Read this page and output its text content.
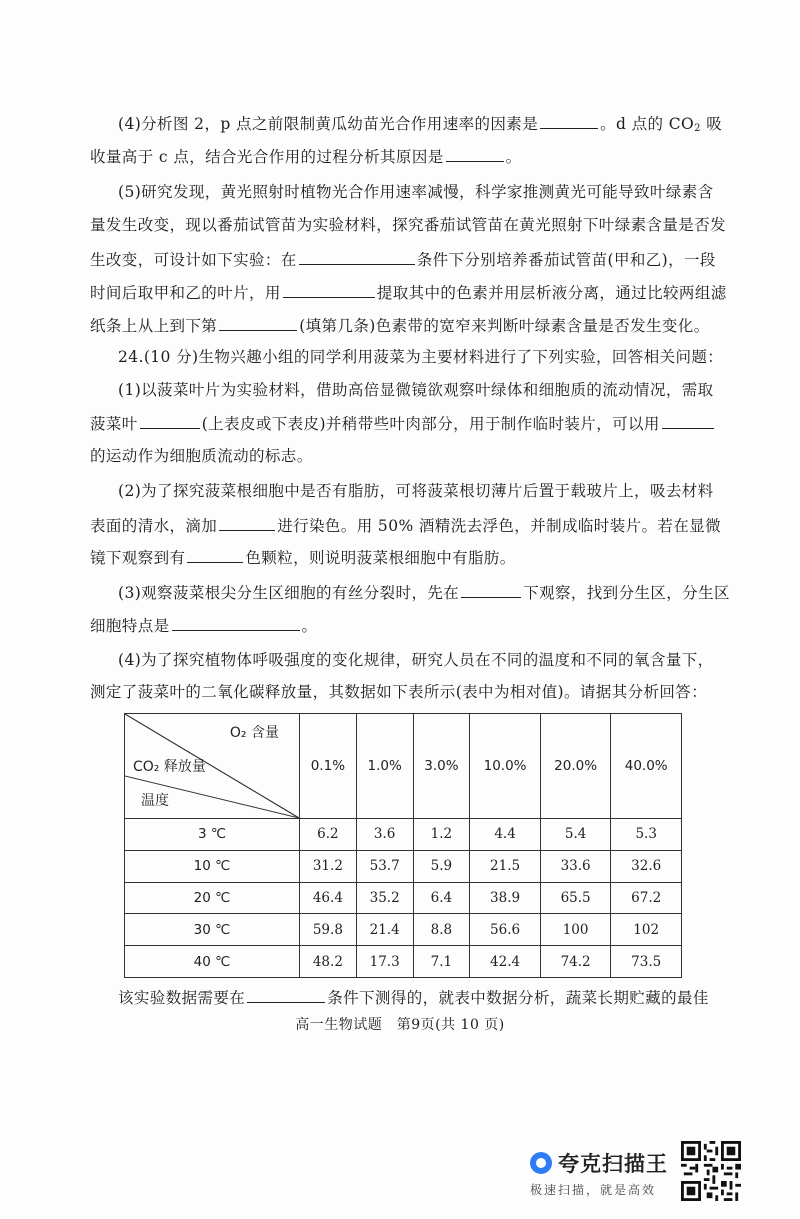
(4)分析图 2，p 点之前限制黄瓜幼苗光合作用速率的因素是	。d 点的 $CO_2$ 吸
收量高于 c 点，结合光合作用的过程分析其原因是	。
(5)研究发现，黄光照射时植物光合作用速率减慢，科学家推测黄光可能导致叶绿素含
量发生改变，现以番茄试管苗为实验材料，探究番茄试管苗在黄光照射下叶绿素含量是否发
生改变，可设计如下实验：在	条件下分别培养番茄试管苗(甲和乙)，一段
时间后取甲和乙的叶片，用	提取其中的色素并用层析液分离，通过比较两组滤
纸条上从上到下第	(填第几条)色素带的宽窄来判断叶绿素含量是否发生变化。
24.(10 分)生物兴趣小组的同学利用菠菜为主要材料进行了下列实验，回答相关问题：
(1)以菠菜叶片为实验材料，借助高倍显微镜欲观察叶绿体和细胞质的流动情况，需取
菠菜叶	(上表皮或下表皮)并稍带些叶肉部分，用于制作临时装片，可以用
的运动作为细胞质流动的标志。
(2)为了探究菠菜根细胞中是否有脂肪，可将菠菜根切薄片后置于载玻片上，吸去材料
表面的清水，滴加	进行染色。用 50% 酒精洗去浮色，并制成临时装片。若在显微
镜下观察到有	色颗粒，则说明菠菜根细胞中有脂肪。
(3)观察菠菜根尖分生区细胞的有丝分裂时，先在	下观察，找到分生区，分生区
细胞特点是	。
(4)为了探究植物体呼吸强度的变化规律，研究人员在不同的温度和不同的氧含量下，
测定了菠菜叶的二氧化碳释放量，其数据如下表所示(表中为相对值)。请据其分析回答：
O₂ 含量
CO₂ 释放量
温度	0.1%	1.0%	3.0%	10.0%	20.0%	40.0%
3 ℃	6.2	3.6	1.2	4.4	5.4	5.3
10 ℃	31.2	53.7	5.9	21.5	33.6	32.6
20 ℃	46.4	35.2	6.4	38.9	65.5	67.2
30 ℃	59.8	21.4	8.8	56.6	100	102
40 ℃	48.2	17.3	7.1	42.4	74.2	73.5
该实验数据需要在	条件下测得的，就表中数据分析，蔬菜长期贮藏的最佳
高一生物试题　第9页(共 10 页)
夸克扫描王
极速扫描，就是高效
